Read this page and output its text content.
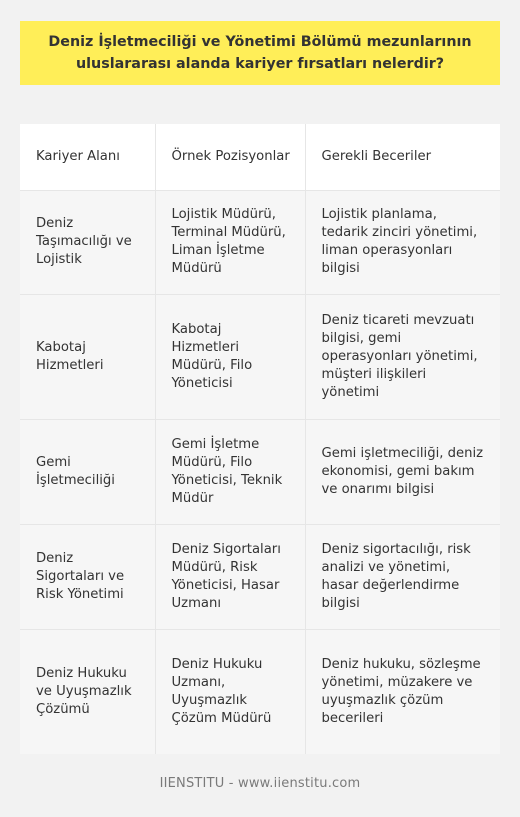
Deniz İşletmeciliği ve Yönetimi Bölümü mezunlarının uluslararası alanda kariyer fırsatları nelerdir?
Kariyer Alanı	Örnek Pozisyonlar	Gerekli Beceriler
Deniz Taşımacılığı ve Lojistik	Lojistik Müdürü, Terminal Müdürü, Liman İşletme Müdürü	Lojistik planlama, tedarik zinciri yönetimi, liman operasyonları bilgisi
Kabotaj Hizmetleri	Kabotaj Hizmetleri Müdürü, Filo Yöneticisi	Deniz ticareti mevzuatı bilgisi, gemi operasyonları yönetimi, müşteri ilişkileri yönetimi
Gemi İşletmeciliği	Gemi İşletme Müdürü, Filo Yöneticisi, Teknik Müdür	Gemi işletmeciliği, deniz ekonomisi, gemi bakım ve onarımı bilgisi
Deniz Sigortaları ve Risk Yönetimi	Deniz Sigortaları Müdürü, Risk Yöneticisi, Hasar Uzmanı	Deniz sigortacılığı, risk analizi ve yönetimi, hasar değerlendirme bilgisi
Deniz Hukuku ve Uyuşmazlık Çözümü	Deniz Hukuku Uzmanı, Uyuşmazlık Çözüm Müdürü	Deniz hukuku, sözleşme yönetimi, müzakere ve uyuşmazlık çözüm becerileri
IIENSTITU - www.iienstitu.com
